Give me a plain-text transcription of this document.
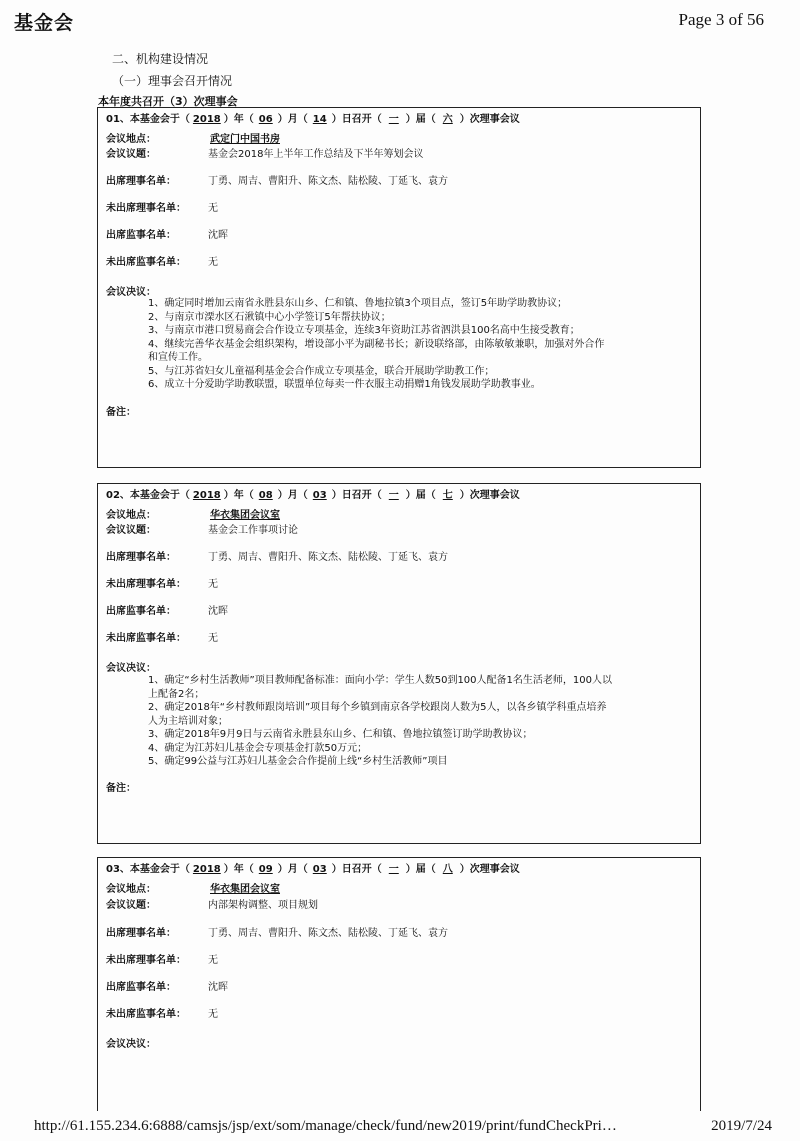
基金会	Page 3 of 56
二、机构建设情况
（一）理事会召开情况
本年度共召开（3）次理事会
01、本基金会于（ 2018 ）年（ 06 ）月（ 14 ）日召开（ 一 ）届（ 六 ）次理事会议
会议地点：	武定门中国书房
会议议题：	基金会2018年上半年工作总结及下半年筹划会议
出席理事名单：	丁勇、周吉、曹阳升、陈文杰、陆松陵、丁延飞、袁方
未出席理事名单： 无
出席监事名单：	沈晖
未出席监事名单： 无
会议决议：
1、确定同时增加云南省永胜县东山乡、仁和镇、鲁地拉镇3个项目点，签订5年助学助教协议；
2、与南京市溧水区石湫镇中心小学签订5年帮扶协议；
3、与南京市港口贸易商会合作设立专项基金，连续3年资助江苏省泗洪县100名高中生接受教育；
4、继续完善华衣基金会组织架构，增设部小平为副秘书长；新设联络部，由陈敏敏兼职，加强对外合作
和宣传工作。
5、与江苏省妇女儿童福利基金会合作成立专项基金，联合开展助学助教工作；
6、成立十分爱助学助教联盟，联盟单位每卖一件衣服主动捐赠1角钱发展助学助教事业。
备注：
02、本基金会于（ 2018 ）年（ 08 ）月（ 03 ）日召开（ 一 ）届（ 七 ）次理事会议
会议地点：	华衣集团会议室
会议议题：	基金会工作事项讨论
出席理事名单：	丁勇、周吉、曹阳升、陈文杰、陆松陵、丁延飞、袁方
未出席理事名单： 无
出席监事名单：	沈晖
未出席监事名单： 无
会议决议：
1、确定“乡村生活教师”项目教师配备标准：面向小学：学生人数50到100人配备1名生活老师，100人以
上配备2名；
2、确定2018年“乡村教师跟岗培训”项目每个乡镇到南京各学校跟岗人数为5人，以各乡镇学科重点培养
人为主培训对象；
3、确定2018年9月9日与云南省永胜县东山乡、仁和镇、鲁地拉镇签订助学助教协议；
4、确定为江苏妇儿基金会专项基金打款50万元；
5、确定99公益与江苏妇儿基金会合作提前上线“乡村生活教师”项目
备注：
03、本基金会于（ 2018 ）年（ 09 ）月（ 03 ）日召开（ 一 ）届（ 八 ）次理事会议
会议地点：	华衣集团会议室
会议议题：	内部架构调整、项目规划
出席理事名单：	丁勇、周吉、曹阳升、陈文杰、陆松陵、丁延飞、袁方
未出席理事名单： 无
出席监事名单：	沈晖
未出席监事名单： 无
会议决议：
http://61.155.234.6:6888/camsjs/jsp/ext/som/manage/check/fund/new2019/print/fundCheckPri…	2019/7/24
